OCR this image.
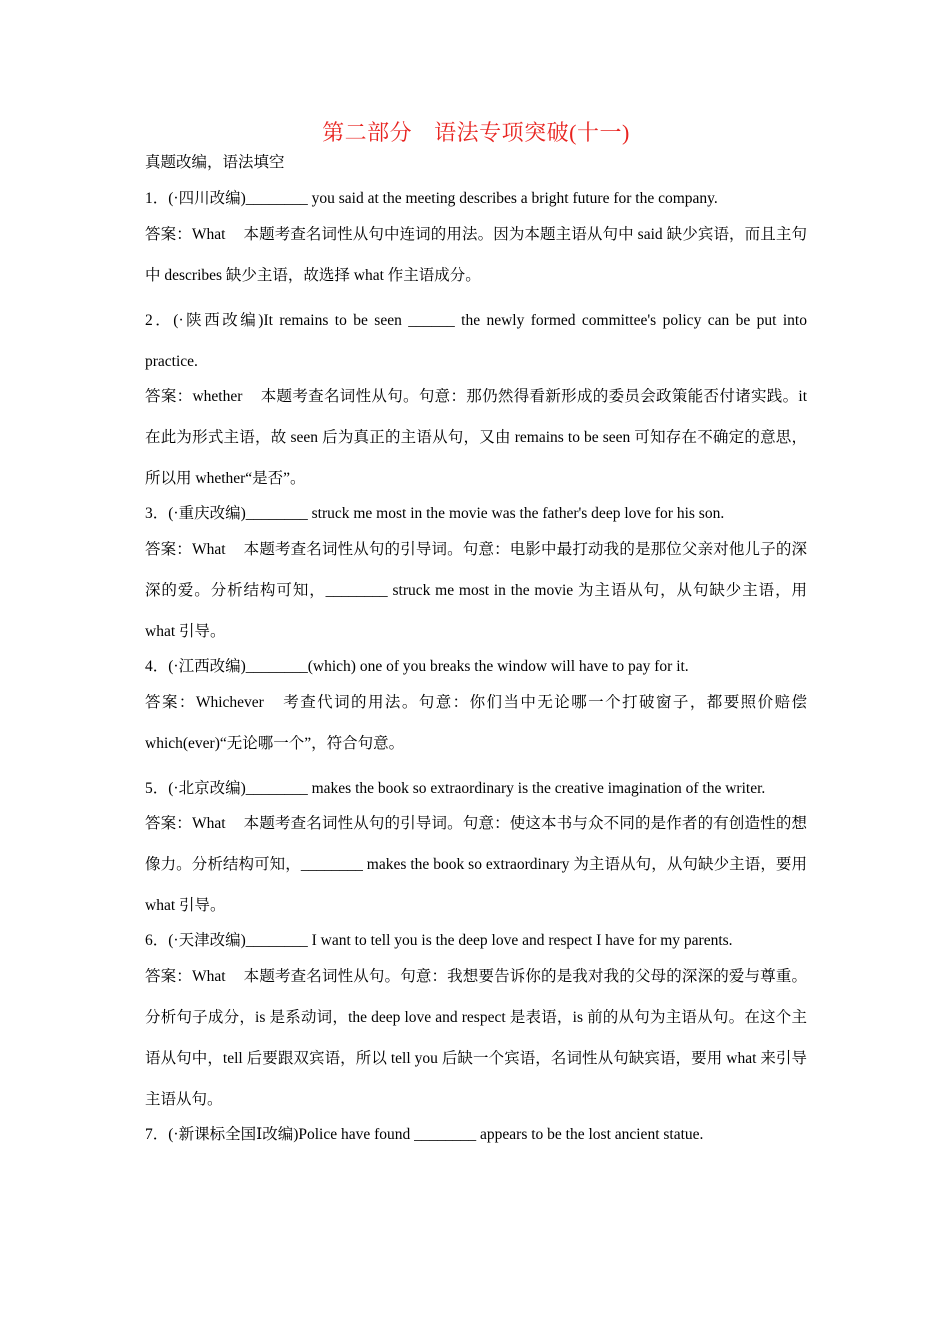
第二部分 语法专项突破(十一)
真题改编，语法填空
1．(·四川改编)________ you said at the meeting describes a bright future for the company.
答案：What 本题考查名词性从句中连词的用法。因为本题主语从句中 said 缺少宾语，而且主句中 describes 缺少主语，故选择 what 作主语成分。
2．(·陕西改编)It remains to be seen ______ the newly formed committee's policy can be put into practice.
答案：whether 本题考查名词性从句。句意：那仍然得看新形成的委员会政策能否付诸实践。it 在此为形式主语，故 seen 后为真正的主语从句，又由 remains to be seen 可知存在不确定的意思，所以用 whether“是否”。
3．(·重庆改编)________ struck me most in the movie was the father's deep love for his son.
答案：What 本题考查名词性从句的引导词。句意：电影中最打动我的是那位父亲对他儿子的深深的爱。分析结构可知，________ struck me most in the movie 为主语从句，从句缺少主语，用 what 引导。
4．(·江西改编)________(which) one of you breaks the window will have to pay for it.
答案：Whichever 考查代词的用法。句意：你们当中无论哪一个打破窗子，都要照价赔偿which(ever)“无论哪一个”，符合句意。
5．(·北京改编)________ makes the book so extraordinary is the creative imagination of the writer.
答案：What 本题考查名词性从句的引导词。句意：使这本书与众不同的是作者的有创造性的想像力。分析结构可知，________ makes the book so extraordinary 为主语从句，从句缺少主语，要用 what 引导。
6．(·天津改编)________ I want to tell you is the deep love and respect I have for my parents.
答案：What 本题考查名词性从句。句意：我想要告诉你的是我对我的父母的深深的爱与尊重。分析句子成分，is 是系动词，the deep love and respect 是表语，is 前的从句为主语从句。在这个主语从句中，tell 后要跟双宾语，所以 tell you 后缺一个宾语，名词性从句缺宾语，要用 what 来引导主语从句。
7．(·新课标全国Ⅰ改编)Police have found ________ appears to be the lost ancient statue.
